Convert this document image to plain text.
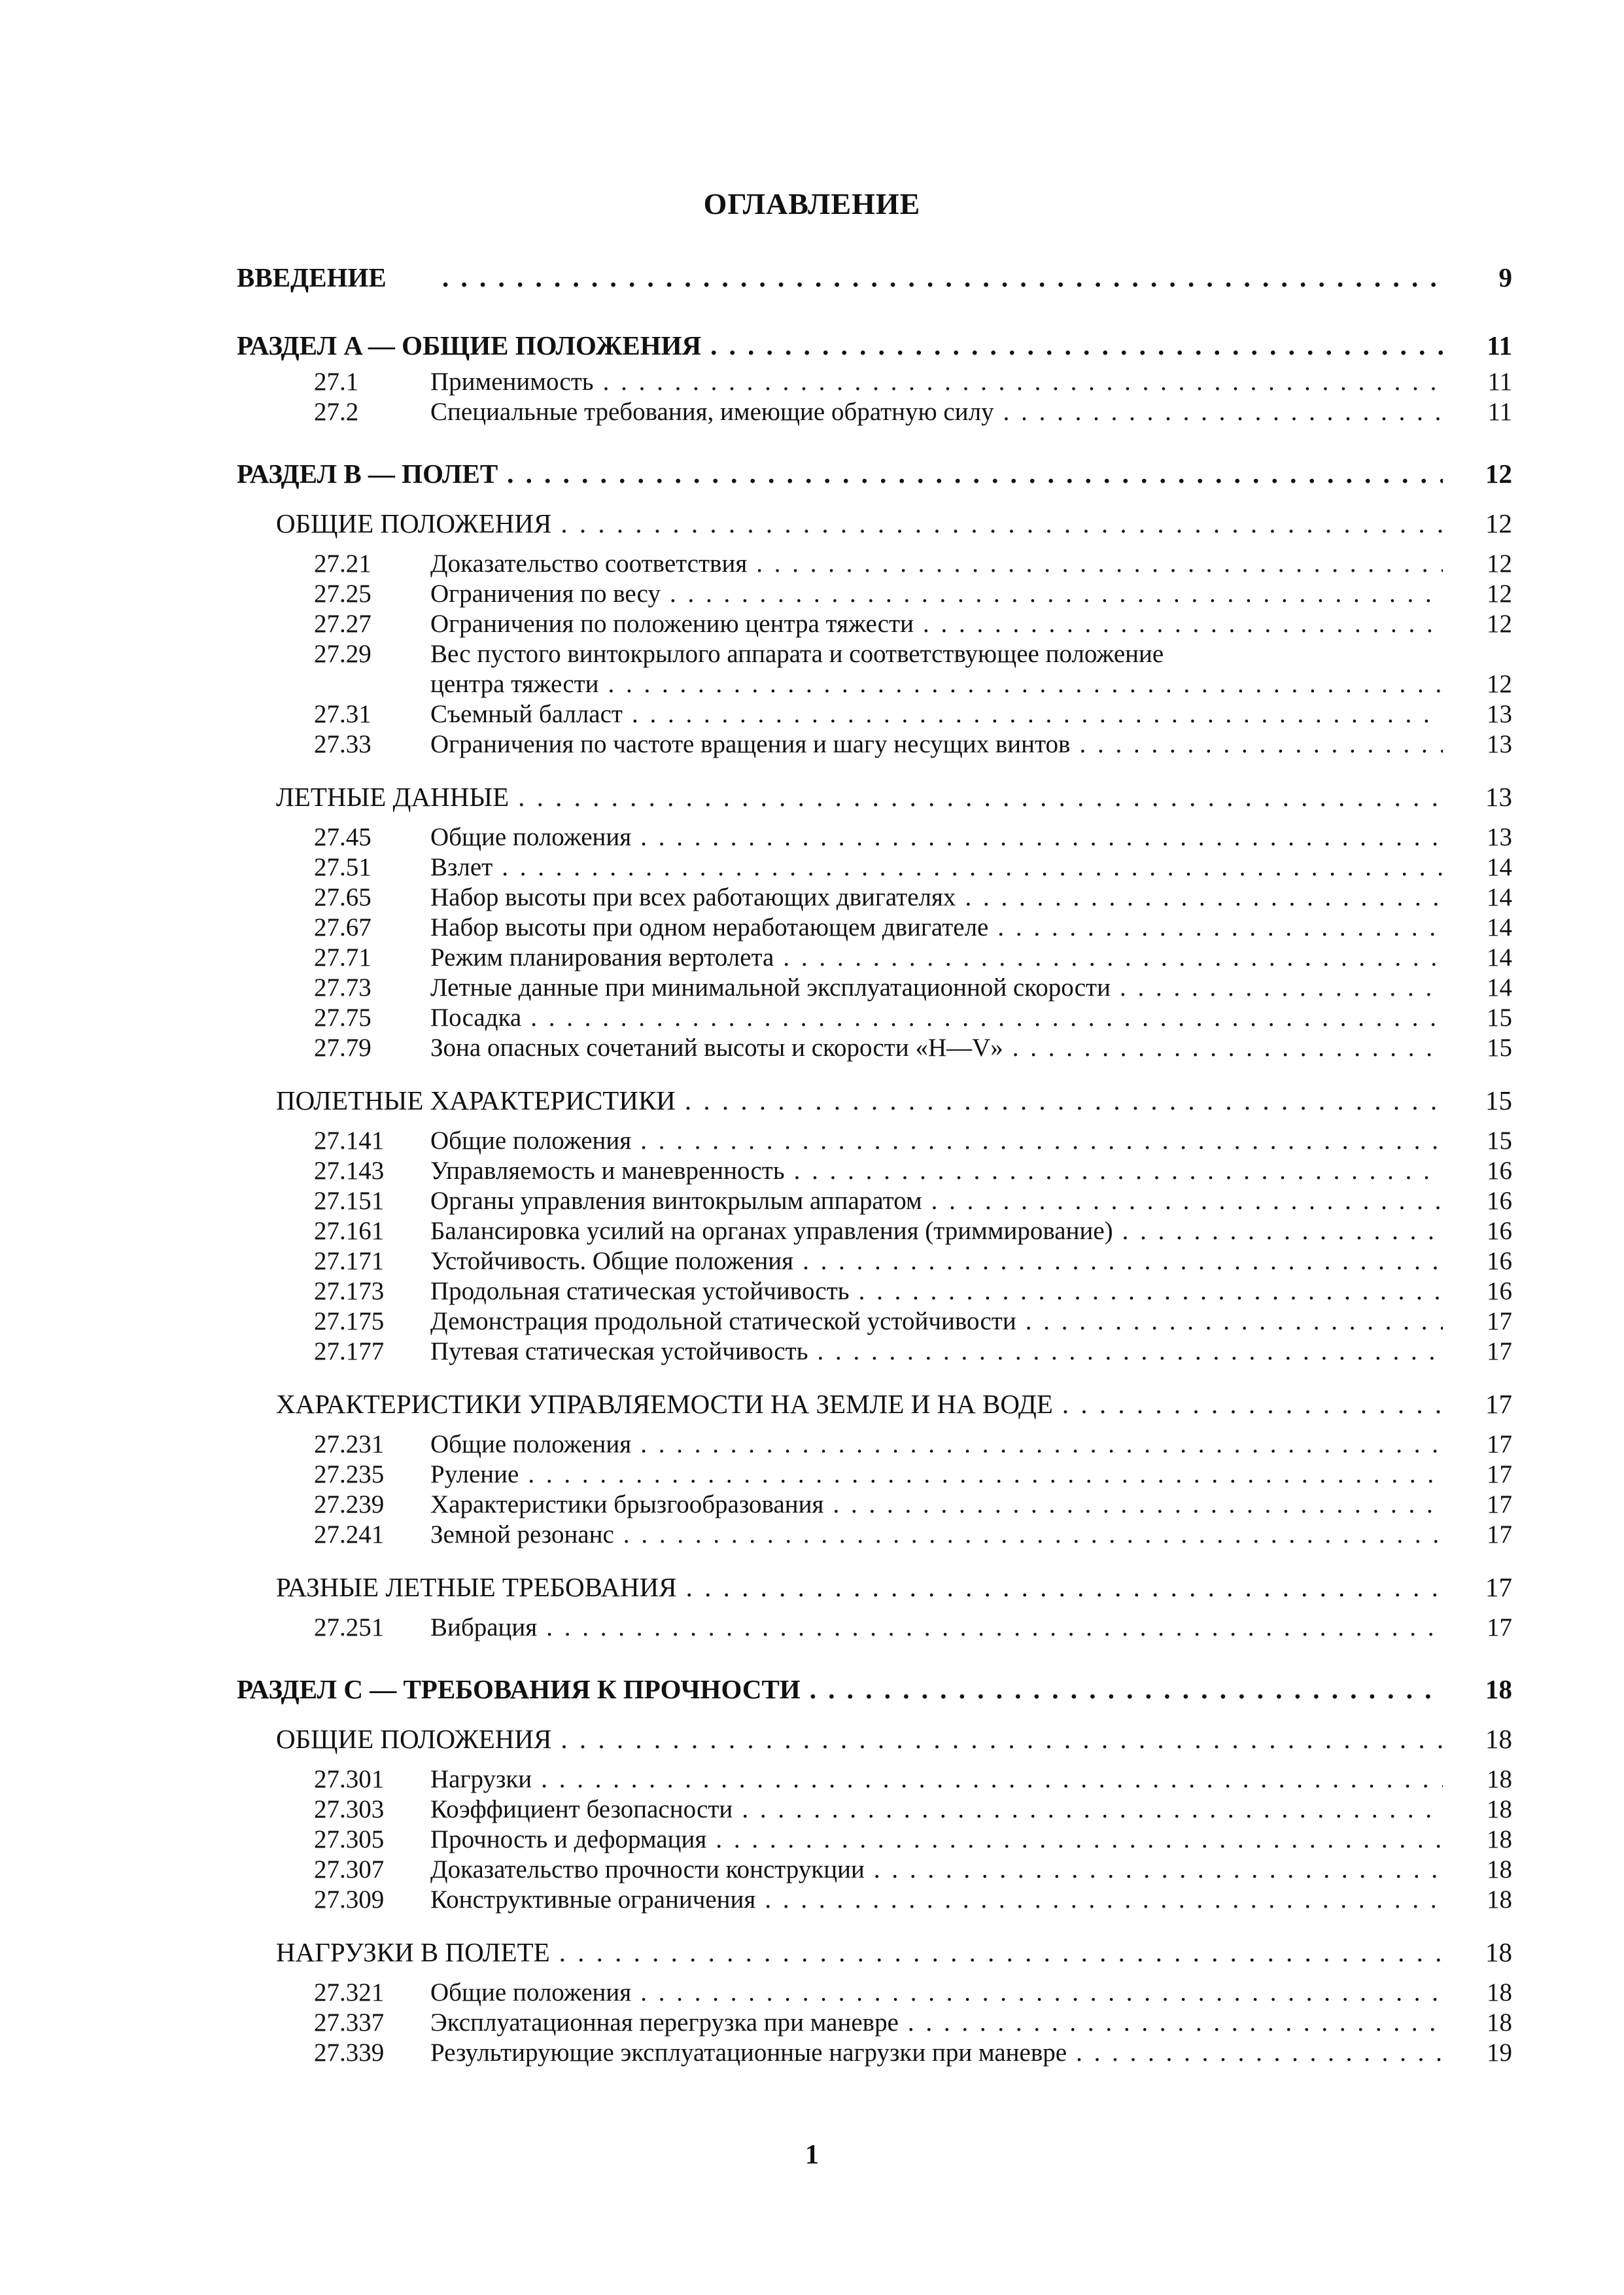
ОГЛАВЛЕНИЕ
ВВЕДЕНИЕ . . .	9
РАЗДЕЛ A — ОБЩИЕ ПОЛОЖЕНИЯ . . .	11
27.1	Применимость . . .	11
27.2	Специальные требования, имеющие обратную силу . . .	11
РАЗДЕЛ B — ПОЛЕТ . . .	12
ОБЩИЕ ПОЛОЖЕНИЯ . . .	12
27.21	Доказательство соответствия . . .	12
27.25	Ограничения по весу . . .	12
27.27	Ограничения по положению центра тяжести . . .	12
27.29	Вес пустого винтокрылого аппарата и соответствующее положение
центра тяжести . . .	12
27.31	Съемный балласт . . .	13
27.33	Ограничения по частоте вращения и шагу несущих винтов . . .	13
ЛЕТНЫЕ ДАННЫЕ . . .	13
27.45	Общие положения . . .	13
27.51	Взлет . . .	14
27.65	Набор высоты при всех работающих двигателях . . .	14
27.67	Набор высоты при одном неработающем двигателе . . .	14
27.71	Режим планирования вертолета . . .	14
27.73	Летные данные при минимальной эксплуатационной скорости . . .	14
27.75	Посадка . . .	15
27.79	Зона опасных сочетаний высоты и скорости «H—V» . . .	15
ПОЛЕТНЫЕ ХАРАКТЕРИСТИКИ . . .	15
27.141	Общие положения . . .	15
27.143	Управляемость и маневренность . . .	16
27.151	Органы управления винтокрылым аппаратом . . .	16
27.161	Балансировка усилий на органах управления (триммирование) . . .	16
27.171	Устойчивость. Общие положения . . .	16
27.173	Продольная статическая устойчивость . . .	16
27.175	Демонстрация продольной статической устойчивости . . .	17
27.177	Путевая статическая устойчивость . . .	17
ХАРАКТЕРИСТИКИ УПРАВЛЯЕМОСТИ НА ЗЕМЛЕ И НА ВОДЕ . . .	17
27.231	Общие положения . . .	17
27.235	Руление . . .	17
27.239	Характеристики брызгообразования . . .	17
27.241	Земной резонанс . . .	17
РАЗНЫЕ ЛЕТНЫЕ ТРЕБОВАНИЯ . . .	17
27.251	Вибрация . . .	17
РАЗДЕЛ C — ТРЕБОВАНИЯ К ПРОЧНОСТИ . . .	18
ОБЩИЕ ПОЛОЖЕНИЯ . . .	18
27.301	Нагрузки . . .	18
27.303	Коэффициент безопасности . . .	18
27.305	Прочность и деформация . . .	18
27.307	Доказательство прочности конструкции . . .	18
27.309	Конструктивные ограничения . . .	18
НАГРУЗКИ В ПОЛЕТЕ . . .	18
27.321	Общие положения . . .	18
27.337	Эксплуатационная перегрузка при маневре . . .	18
27.339	Результирующие эксплуатационные нагрузки при маневре . . .	19
1
